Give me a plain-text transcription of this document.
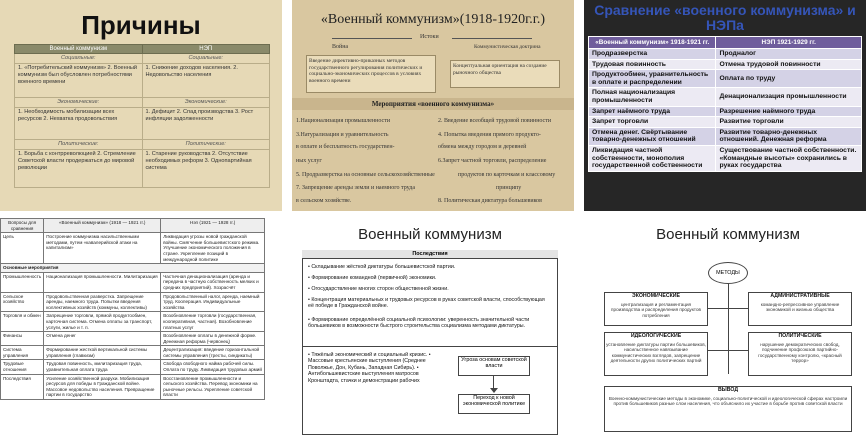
Причины
Военный коммунизм	НЭП
Социальные:	Социальные:
1. «Потребительский коммунизм» 2. Военный коммунизм был обусловлен потребностями военного времени	1. Снижение доходов населения. 2. Недовольство населения
Экономические:	Экономические:
1. Необходимость мобилизации всех ресурсов 2. Нехватка продовольствия	1. Дефицит 2. Спад производства 3. Рост инфляции задолженности
Политические:	Политические:
1. Борьба с контрреволюцией 2. Стремление Советской власти продержаться до мировой революции	1. Старение руководства 2. Отсутствие необходимых реформ 3. Однопартийная система
«Военный коммунизм»(1918-1920г.г.)
Истоки
Война	Коммунистическая доктрина
Введение директивно-приказных методов государственного регулирования политических и социально-экономических процессов в условиях военного времени
Концептуальная ориентация на создание рыночного общества
Мероприятия «военного коммунизма»
1.Национализация промышленности	2. Введение всеобщей трудовой повинности
3.Натурализация и уравнительность	4. Попытка введения прямого продукто-
в оплате и бесплатность государствен-	обмена между городом и деревней
ных услуг	6.Запрет частной торговли, распределение
5. Продразверстка на основные сельскохозяйственные	продуктов по карточкам и классовому
7. Запрещение аренды земли и наемного труда	принципу
в сельском хозяйстве.	8. Политическая диктатура большевиков
Сравнение «военного коммунизма» и НЭПа
«Военный коммунизм» 1918-1921 гг.	НЭП 1921-1929 гг.
Продразверстка	Продналог
Трудовая повинность	Отмена трудовой повинности
Продуктообмен, уравнительность в оплате и распределении	Оплата по труду
Полная национализация промышленности	Денационализация промышленности
Запрет наёмного труда	Разрешение наёмного труда
Запрет торговли	Развитие торговли
Отмена денег. Свёртывание товарно-денежных отношений	Развитие товарно-денежных отношений. Денежная реформа
Ликвидация частной собственности, монополия государственной собственности	Существование частной собственности. «Командные высоты» сохранились в руках государства
Вопросы для сравнения	«Военный коммунизм» (1918 — 1921 гг.)	Нэп (1921 — 1928 гг.)
Цель	Построение коммунизма насильственными методами, путем «кавалерийской атаки на капитализм»	Ликвидация угрозы новой гражданской войны. Смягчение большевистского режима. Улучшение экономического положения в стране. Укрепление позиций в международной политике
Основные мероприятия		
Промышленность	Национализация промышленности. Милитаризация	Частичная денационализация (аренда и передача в частную собственность мелких и средних предприятий). Хозрасчёт
Сельское хозяйство	Продовольственная разверстка. Запрещение аренды, наемного труда. Попытки введения коллективных хозяйств (коммуны, коллективы)	Продовольственный налог, аренда, наемный труд. Кооперация. Индивидуальные хозяйства
Торговля и обмен	Запрещение торговли, прямой продуктообмен, карточная система. Отмена оплаты за транспорт, услуги, жилье и т. п.	Возобновление торговли (государственная, кооперативная, частная). Возобновление платных услуг
Финансы	Отмена денег	Возобновление оплаты в денежной форме. Денежная реформа (червонец)
Система управления	Формирование жесткой вертикальной системы управления (главкизм)	Децентрализация: введение горизонтальной системы управления (тресты, синдикаты)
Трудовые отношения	Трудовая повинность, милитаризация труда, уравнительная оплата труда	Свобода свободного найма рабочей силы. Оплата по труду. Ликвидация трудовых армий
Последствия	Усиление хозяйственной разрухи. Мобилизация ресурсов для победы в Гражданской войне. Массовое недовольство населения. Превращение партии в государство	Восстановление промышленности и сельского хозяйства. Перевод экономики на рыночные рельсы. Укрепление советской власти
Военный коммунизм
Последствия
• Складывание жёсткой диктатуры большевистской партии.
• Формирование командной (первичной) экономики.
• Огосударствление многих сторон общественной жизни.
• Концентрация материальных и трудовых ресурсов в руках советской власти, способствующая её победе в Гражданской войне.
• Формирование определённой социальной психологии: уверенность значительной части большевиков в возможности быстрого строительства социализма методами диктатуры.
• Тяжёлый экономический и социальный кризис. • Массовые крестьянские выступления (Среднее Поволжье, Дон, Кубань, Западная Сибирь). • Антибольшевистские выступления матросов Кронштадта, стачки и демонстрации рабочих
Угроза основам советской власти
Переход к новой экономической политике
Военный коммунизм
МЕТОДЫ
ЭКОНОМИЧЕСКИЕ
централизация и регламентация производства и распределения продуктов потребления
АДМИНИСТРАТИВНЫЕ
командно-репрессивное управление экономикой и жизнью общества
ИДЕОЛОГИЧЕСКИЕ
установление диктатуры партии большевиков, насильственное навязывание коммунистических взглядов, запрещение деятельности других политических партий
ПОЛИТИЧЕСКИЕ
нарушение демократических свобод, подчинение профсоюзов партийно-государственному контролю, «красный террор»
ВЫВОД
Военно-коммунистические методы в экономике, социально-политической и идеологической сферах настроили против большевиков разные слои населения, что объяснило их участие в борьбе против советской власти
